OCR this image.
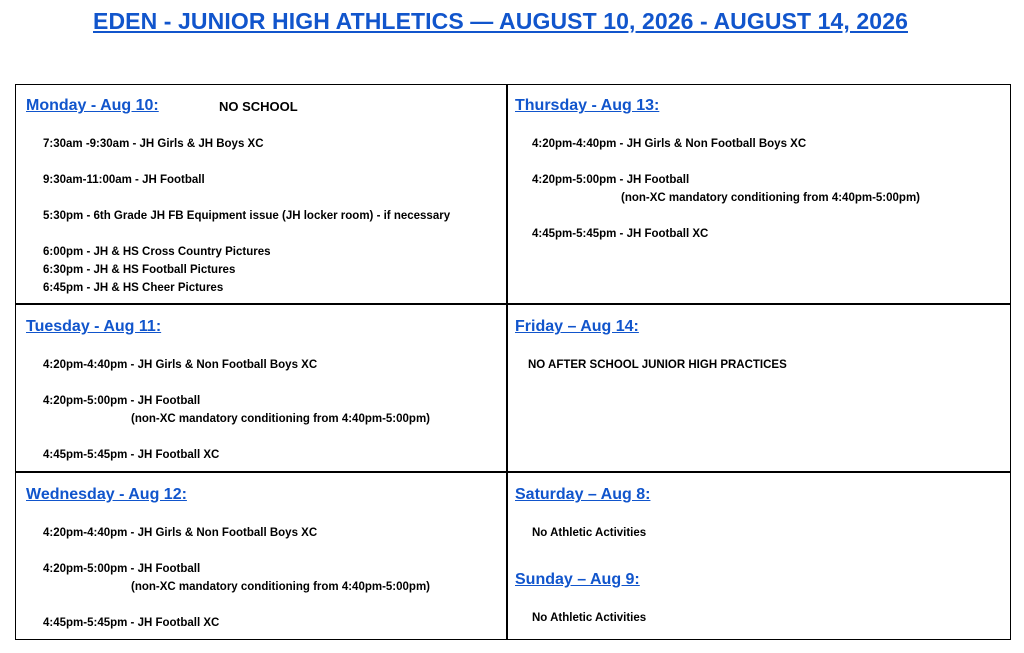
EDEN - JUNIOR HIGH ATHLETICS — AUGUST 10, 2026 - AUGUST 14, 2026
Monday - Aug 10:	NO SCHOOL
7:30am -9:30am - JH Girls & JH Boys XC
9:30am-11:00am - JH Football
5:30pm - 6th Grade JH FB Equipment issue (JH locker room) - if necessary
6:00pm - JH & HS Cross Country Pictures
6:30pm - JH & HS Football Pictures
6:45pm - JH & HS Cheer Pictures
Thursday - Aug 13:
4:20pm-4:40pm - JH Girls & Non Football Boys XC
4:20pm-5:00pm - JH Football
(non-XC mandatory conditioning from 4:40pm-5:00pm)
4:45pm-5:45pm - JH Football XC
Tuesday - Aug 11:
4:20pm-4:40pm - JH Girls & Non Football Boys XC
4:20pm-5:00pm - JH Football
(non-XC mandatory conditioning from 4:40pm-5:00pm)
4:45pm-5:45pm - JH Football XC
Friday – Aug 14:
NO AFTER SCHOOL JUNIOR HIGH PRACTICES
Wednesday - Aug 12:
4:20pm-4:40pm - JH Girls & Non Football Boys XC
4:20pm-5:00pm - JH Football
(non-XC mandatory conditioning from 4:40pm-5:00pm)
4:45pm-5:45pm - JH Football XC
Saturday – Aug 8:
No Athletic Activities
Sunday – Aug 9:
No Athletic Activities
